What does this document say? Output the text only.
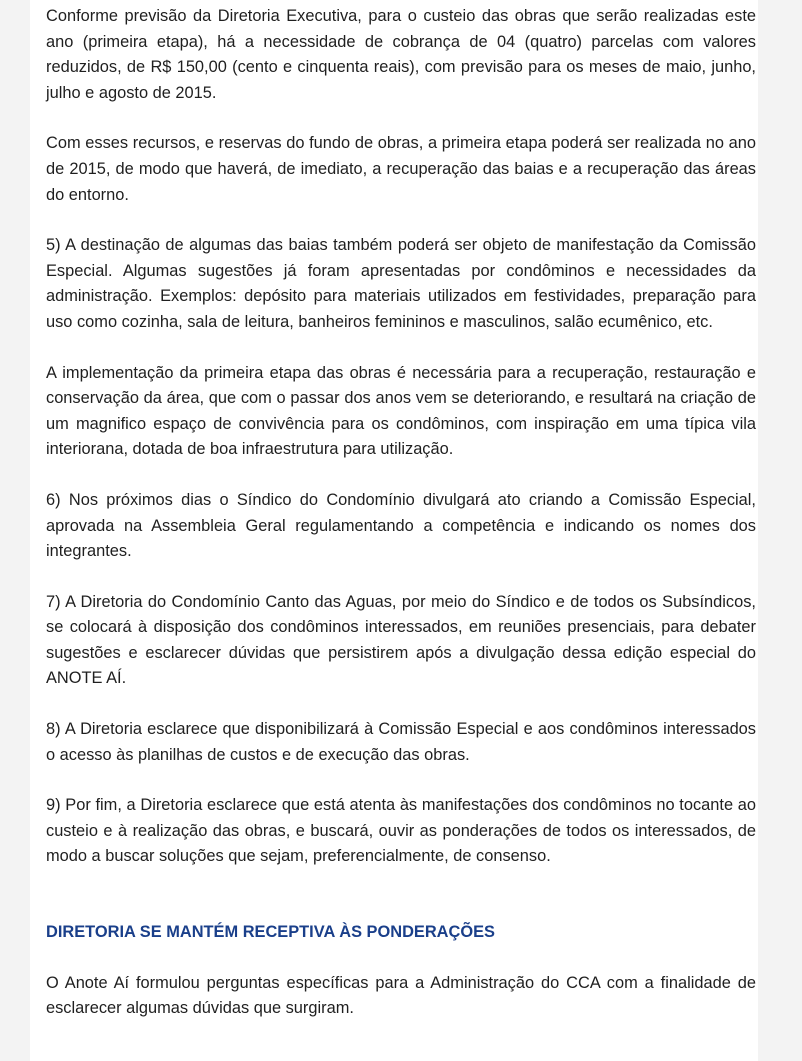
Conforme previsão da Diretoria Executiva, para o custeio das obras que serão realizadas este ano (primeira etapa), há a necessidade de cobrança de 04 (quatro) parcelas com valores reduzidos, de R$ 150,00 (cento e cinquenta reais), com previsão para os meses de maio, junho, julho e agosto de 2015.

Com esses recursos, e reservas do fundo de obras, a primeira etapa poderá ser realizada no ano de 2015, de modo que haverá, de imediato, a recuperação das baias e a recuperação das áreas do entorno.

5) A destinação de algumas das baias também poderá ser objeto de manifestação da Comissão Especial. Algumas sugestões já foram apresentadas por condôminos e necessidades da administração. Exemplos: depósito para materiais utilizados em festividades, preparação para uso como cozinha, sala de leitura, banheiros femininos e masculinos, salão ecumênico, etc.

A implementação da primeira etapa das obras é necessária para a recuperação, restauração e conservação da área, que com o passar dos anos vem se deteriorando, e resultará na criação de um magnifico espaço de convivência para os condôminos, com inspiração em uma típica vila interiorana, dotada de boa infraestrutura para utilização.

6) Nos próximos dias o Síndico do Condomínio divulgará ato criando a Comissão Especial, aprovada na Assembleia Geral regulamentando a competência e indicando os nomes dos integrantes.

7) A Diretoria do Condomínio Canto das Aguas, por meio do Síndico e de todos os Subsíndicos, se colocará à disposição dos condôminos interessados, em reuniões presenciais, para debater sugestões e esclarecer dúvidas que persistirem após a divulgação dessa edição especial do ANOTE AÍ.

8) A Diretoria esclarece que disponibilizará à Comissão Especial e aos condôminos interessados o acesso às planilhas de custos e de execução das obras.

9) Por fim, a Diretoria esclarece que está atenta às manifestações dos condôminos no tocante ao custeio e à realização das obras, e buscará, ouvir as ponderações de todos os interessados, de modo a buscar soluções que sejam, preferencialmente, de consenso.

DIRETORIA SE MANTÉM RECEPTIVA ÀS PONDERAÇÕES

O Anote Aí formulou perguntas específicas para a Administração do CCA com a finalidade de esclarecer algumas dúvidas que surgiram.
